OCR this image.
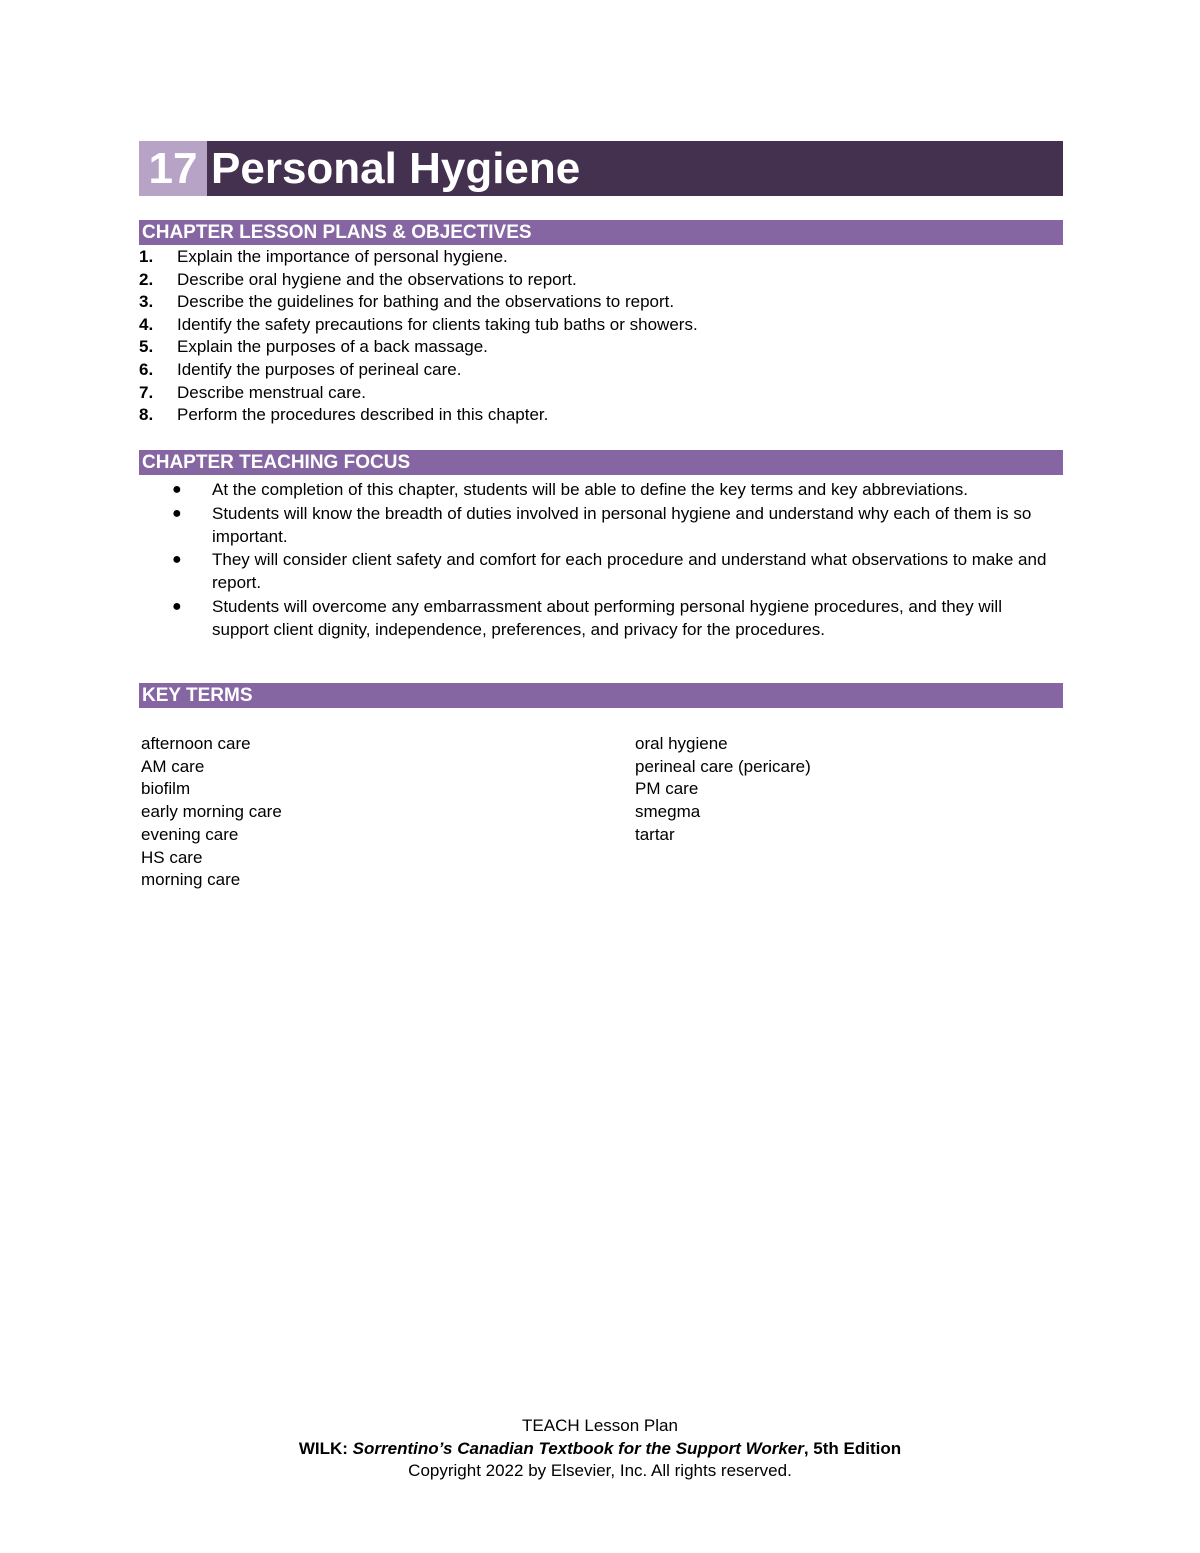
17 Personal Hygiene
CHAPTER LESSON PLANS & OBJECTIVES
1.	Explain the importance of personal hygiene.
2.	Describe oral hygiene and the observations to report.
3.	Describe the guidelines for bathing and the observations to report.
4.	Identify the safety precautions for clients taking tub baths or showers.
5.	Explain the purposes of a back massage.
6.	Identify the purposes of perineal care.
7.	Describe menstrual care.
8.	Perform the procedures described in this chapter.
CHAPTER TEACHING FOCUS
●	At the completion of this chapter, students will be able to define the key terms and key abbreviations.
●	Students will know the breadth of duties involved in personal hygiene and understand why each of them is so important.
●	They will consider client safety and comfort for each procedure and understand what observations to make and report.
●	Students will overcome any embarrassment about performing personal hygiene procedures, and they will support client dignity, independence, preferences, and privacy for the procedures.
KEY TERMS
afternoon care
AM care
biofilm
early morning care
evening care
HS care
morning care
oral hygiene
perineal care (pericare)
PM care
smegma
tartar
TEACH Lesson Plan
WILK: Sorrentino’s Canadian Textbook for the Support Worker, 5th Edition
Copyright 2022 by Elsevier, Inc. All rights reserved.
